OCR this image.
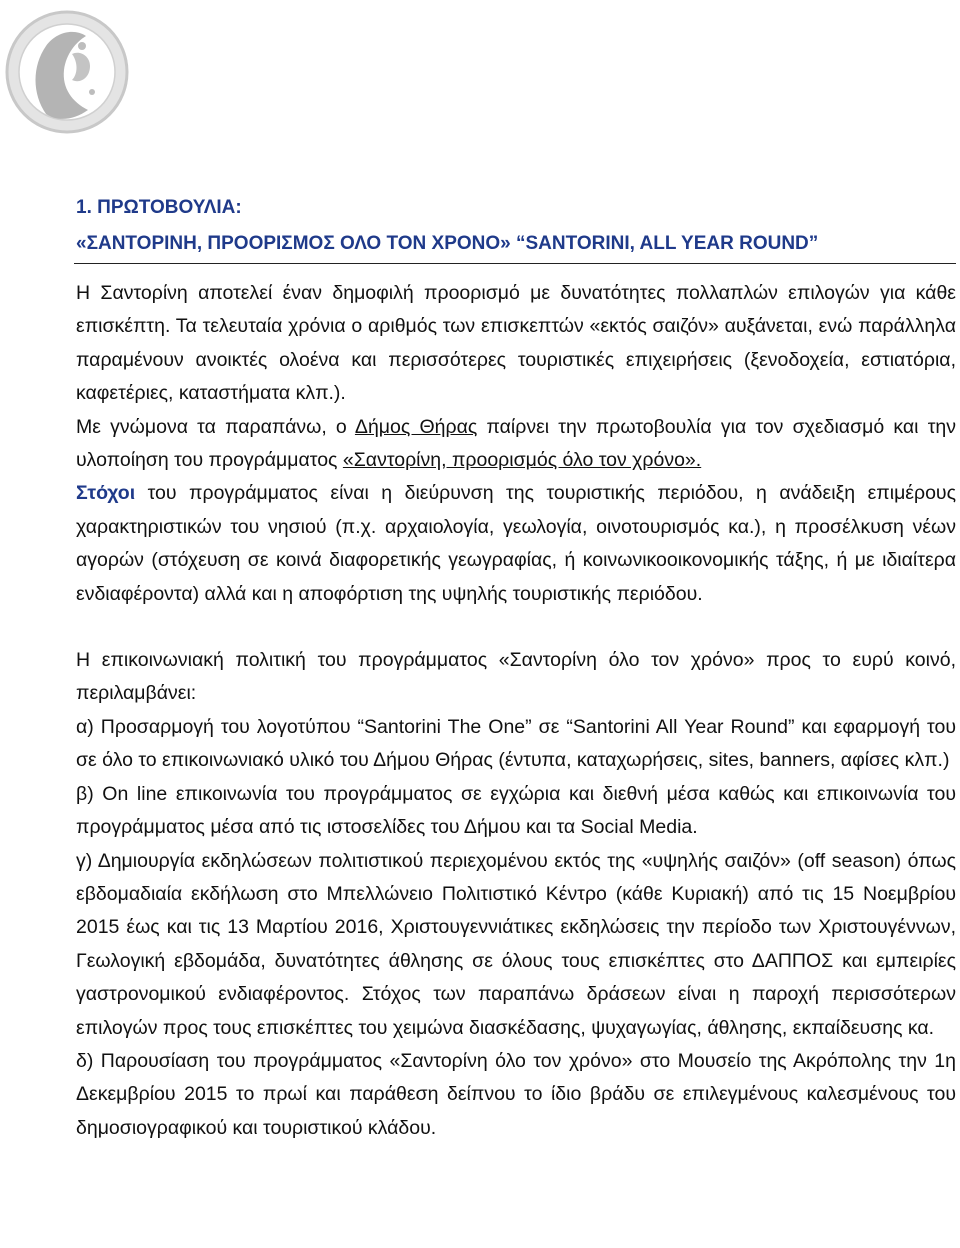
1. ΠΡΩΤΟΒΟΥΛΙΑ:
«ΣΑΝΤΟΡΙΝΗ, ΠΡΟΟΡΙΣΜΟΣ ΟΛΟ ΤΟΝ ΧΡΟΝΟ» “SANTORINI, ALL YEAR ROUND”

Η Σαντορίνη αποτελεί έναν δημοφιλή προορισμό με δυνατότητες πολλαπλών επιλογών για κάθε επισκέπτη. Τα τελευταία χρόνια ο αριθμός των επισκεπτών «εκτός σαιζόν» αυξάνεται, ενώ παράλληλα παραμένουν ανοικτές ολοένα και περισσότερες τουριστικές επιχειρήσεις (ξενοδοχεία, εστιατόρια, καφετέριες, καταστήματα κλπ.).

Με γνώμονα τα παραπάνω, ο Δήμος Θήρας παίρνει την πρωτοβουλία για τον σχεδιασμό και την υλοποίηση του προγράμματος «Σαντορίνη, προορισμός όλο τον χρόνο».

Στόχοι του προγράμματος είναι η διεύρυνση της τουριστικής περιόδου, η ανάδειξη επιμέρους χαρακτηριστικών του νησιού (π.χ. αρχαιολογία, γεωλογία, οινοτουρισμός κα.), η προσέλκυση νέων αγορών (στόχευση σε κοινά διαφορετικής γεωγραφίας, ή κοινωνικοοικονομικής τάξης, ή με ιδιαίτερα ενδιαφέροντα) αλλά και η αποφόρτιση της υψηλής τουριστικής περιόδου.

Η επικοινωνιακή πολιτική του προγράμματος «Σαντορίνη όλο τον χρόνο» προς το ευρύ κοινό, περιλαμβάνει:

α) Προσαρμογή του λογοτύπου “Santorini The One” σε “Santorini All Year Round” και εφαρμογή του σε όλο το επικοινωνιακό υλικό του Δήμου Θήρας (έντυπα, καταχωρήσεις, sites, banners, αφίσες κλπ.)

β) On line επικοινωνία του προγράμματος σε εγχώρια και διεθνή μέσα καθώς και επικοινωνία του προγράμματος μέσα από τις ιστοσελίδες του Δήμου και τα Social Media.

γ) Δημιουργία εκδηλώσεων πολιτιστικού περιεχομένου εκτός της «υψηλής σαιζόν» (off season) όπως εβδομαδιαία εκδήλωση στο Μπελλώνειο Πολιτιστικό Κέντρο (κάθε Κυριακή) από τις 15 Νοεμβρίου 2015 έως και τις 13 Μαρτίου 2016, Χριστουγεννιάτικες εκδηλώσεις την περίοδο των Χριστουγέννων, Γεωλογική εβδομάδα, δυνατότητες άθλησης σε όλους τους επισκέπτες στο ΔΑΠΠΟΣ και εμπειρίες γαστρονομικού ενδιαφέροντος. Στόχος των παραπάνω δράσεων είναι η παροχή περισσότερων επιλογών προς τους επισκέπτες του χειμώνα διασκέδασης, ψυχαγωγίας, άθλησης, εκπαίδευσης κα.

δ) Παρουσίαση του προγράμματος «Σαντορίνη όλο τον χρόνο» στο Μουσείο της Ακρόπολης την 1η Δεκεμβρίου 2015 το πρωί και παράθεση δείπνου το ίδιο βράδυ σε επιλεγμένους καλεσμένους του δημοσιογραφικού και τουριστικού κλάδου.
